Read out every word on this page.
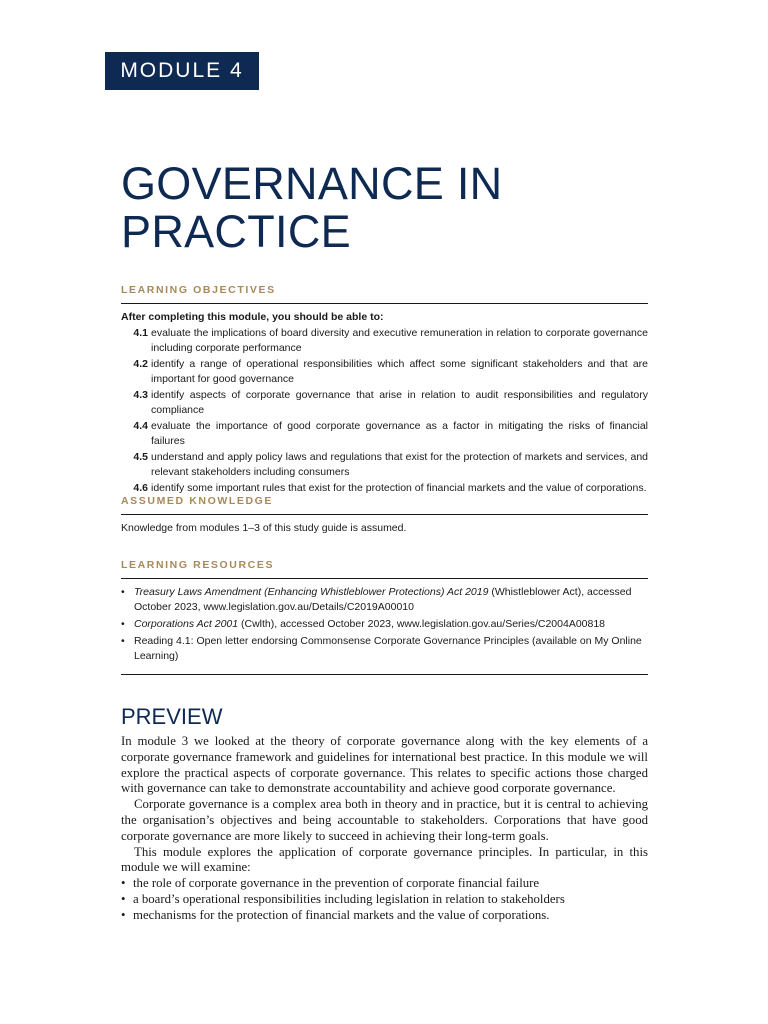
MODULE 4
GOVERNANCE IN
PRACTICE
LEARNING OBJECTIVES
After completing this module, you should be able to:
4.1 evaluate the implications of board diversity and executive remuneration in relation to corporate governance including corporate performance
4.2 identify a range of operational responsibilities which affect some significant stakeholders and that are important for good governance
4.3 identify aspects of corporate governance that arise in relation to audit responsibilities and regulatory compliance
4.4 evaluate the importance of good corporate governance as a factor in mitigating the risks of financial failures
4.5 understand and apply policy laws and regulations that exist for the protection of markets and services, and relevant stakeholders including consumers
4.6 identify some important rules that exist for the protection of financial markets and the value of corporations.
ASSUMED KNOWLEDGE
Knowledge from modules 1–3 of this study guide is assumed.
LEARNING RESOURCES
• Treasury Laws Amendment (Enhancing Whistleblower Protections) Act 2019 (Whistleblower Act), accessed October 2023, www.legislation.gov.au/Details/C2019A00010
• Corporations Act 2001 (Cwlth), accessed October 2023, www.legislation.gov.au/Series/C2004A00818
• Reading 4.1: Open letter endorsing Commonsense Corporate Governance Principles (available on My Online Learning)
PREVIEW

In module 3 we looked at the theory of corporate governance along with the key elements of a corporate governance framework and guidelines for international best practice. In this module we will explore the practical aspects of corporate governance. This relates to specific actions those charged with governance can take to demonstrate accountability and achieve good corporate governance.

Corporate governance is a complex area both in theory and in practice, but it is central to achieving the organisation’s objectives and being accountable to stakeholders. Corporations that have good corporate governance are more likely to succeed in achieving their long-term goals.

This module explores the application of corporate governance principles. In particular, in this module we will examine:

• the role of corporate governance in the prevention of corporate financial failure
• a board’s operational responsibilities including legislation in relation to stakeholders
• mechanisms for the protection of financial markets and the value of corporations.
